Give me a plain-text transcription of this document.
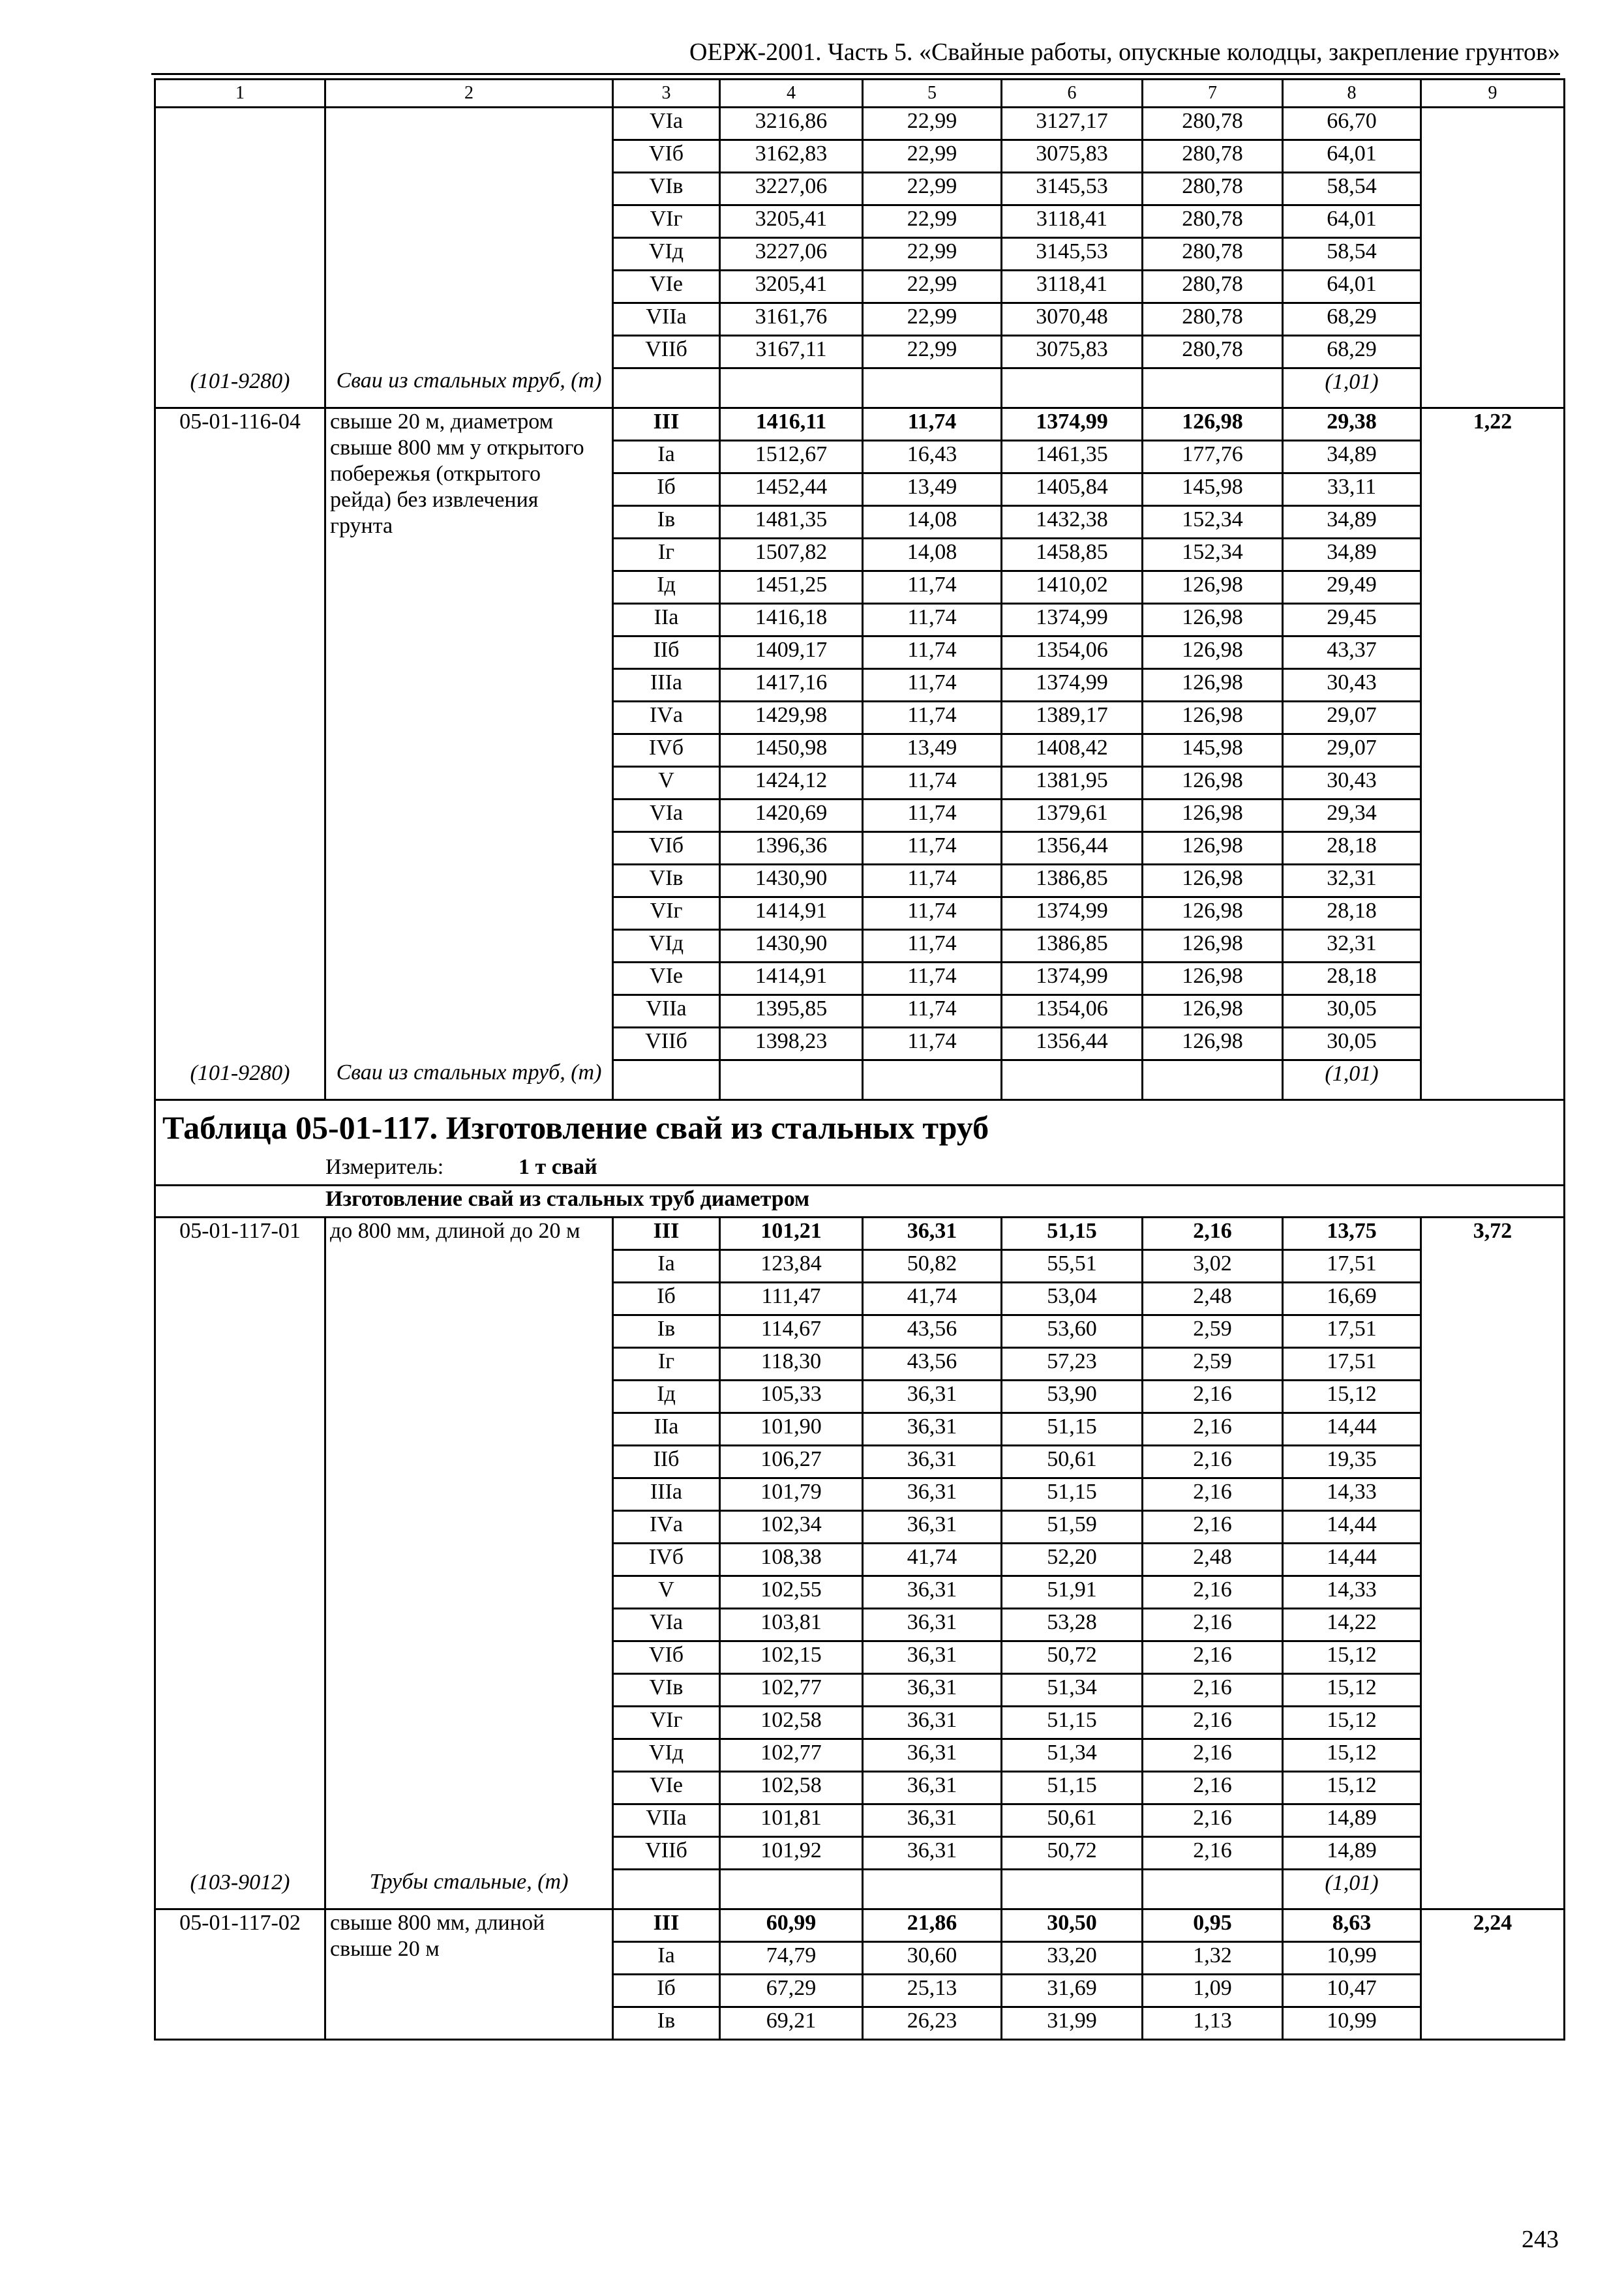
ОЕРЖ-2001. Часть 5. «Свайные работы, опускные колодцы, закрепление грунтов»
1	2	3	4	5	6	7	8	9
		VIа	3216,86	22,99	3127,17	280,78	66,70	
		VIб	3162,83	22,99	3075,83	280,78	64,01	
		VIв	3227,06	22,99	3145,53	280,78	58,54	
		VIг	3205,41	22,99	3118,41	280,78	64,01	
		VIд	3227,06	22,99	3145,53	280,78	58,54	
		VIе	3205,41	22,99	3118,41	280,78	64,01	
		VIIа	3161,76	22,99	3070,48	280,78	68,29	
		VIIб	3167,11	22,99	3075,83	280,78	68,29	
(101-9280)	Сваи из стальных труб, (т)						(1,01)	
05-01-116-04	свыше 20 м, диаметром свыше 800 мм у открытого побережья (открытого рейда) без извлечения грунта	III	1416,11	11,74	1374,99	126,98	29,38	1,22
		Iа	1512,67	16,43	1461,35	177,76	34,89	
		Iб	1452,44	13,49	1405,84	145,98	33,11	
		Iв	1481,35	14,08	1432,38	152,34	34,89	
		Iг	1507,82	14,08	1458,85	152,34	34,89	
		Iд	1451,25	11,74	1410,02	126,98	29,49	
		IIа	1416,18	11,74	1374,99	126,98	29,45	
		IIб	1409,17	11,74	1354,06	126,98	43,37	
		IIIа	1417,16	11,74	1374,99	126,98	30,43	
		IVа	1429,98	11,74	1389,17	126,98	29,07	
		IVб	1450,98	13,49	1408,42	145,98	29,07	
		V	1424,12	11,74	1381,95	126,98	30,43	
		VIа	1420,69	11,74	1379,61	126,98	29,34	
		VIб	1396,36	11,74	1356,44	126,98	28,18	
		VIв	1430,90	11,74	1386,85	126,98	32,31	
		VIг	1414,91	11,74	1374,99	126,98	28,18	
		VIд	1430,90	11,74	1386,85	126,98	32,31	
		VIе	1414,91	11,74	1374,99	126,98	28,18	
		VIIа	1395,85	11,74	1354,06	126,98	30,05	
		VIIб	1398,23	11,74	1356,44	126,98	30,05	
(101-9280)	Сваи из стальных труб, (т)						(1,01)	
Таблица 05-01-117. Изготовление свай из стальных труб								
Измеритель: 1 т свай								
Изготовление свай из стальных труб диаметром								
05-01-117-01	до 800 мм, длиной до 20 м	III	101,21	36,31	51,15	2,16	13,75	3,72
		Iа	123,84	50,82	55,51	3,02	17,51	
		Iб	111,47	41,74	53,04	2,48	16,69	
		Iв	114,67	43,56	53,60	2,59	17,51	
		Iг	118,30	43,56	57,23	2,59	17,51	
		Iд	105,33	36,31	53,90	2,16	15,12	
		IIа	101,90	36,31	51,15	2,16	14,44	
		IIб	106,27	36,31	50,61	2,16	19,35	
		IIIа	101,79	36,31	51,15	2,16	14,33	
		IVа	102,34	36,31	51,59	2,16	14,44	
		IVб	108,38	41,74	52,20	2,48	14,44	
		V	102,55	36,31	51,91	2,16	14,33	
		VIа	103,81	36,31	53,28	2,16	14,22	
		VIб	102,15	36,31	50,72	2,16	15,12	
		VIв	102,77	36,31	51,34	2,16	15,12	
		VIг	102,58	36,31	51,15	2,16	15,12	
		VIд	102,77	36,31	51,34	2,16	15,12	
		VIе	102,58	36,31	51,15	2,16	15,12	
		VIIа	101,81	36,31	50,61	2,16	14,89	
		VIIб	101,92	36,31	50,72	2,16	14,89	
(103-9012)	Трубы стальные, (т)						(1,01)	
05-01-117-02	свыше 800 мм, длиной свыше 20 м	III	60,99	21,86	30,50	0,95	8,63	2,24
		Iа	74,79	30,60	33,20	1,32	10,99	
		Iб	67,29	25,13	31,69	1,09	10,47	
		Iв	69,21	26,23	31,99	1,13	10,99	
243
